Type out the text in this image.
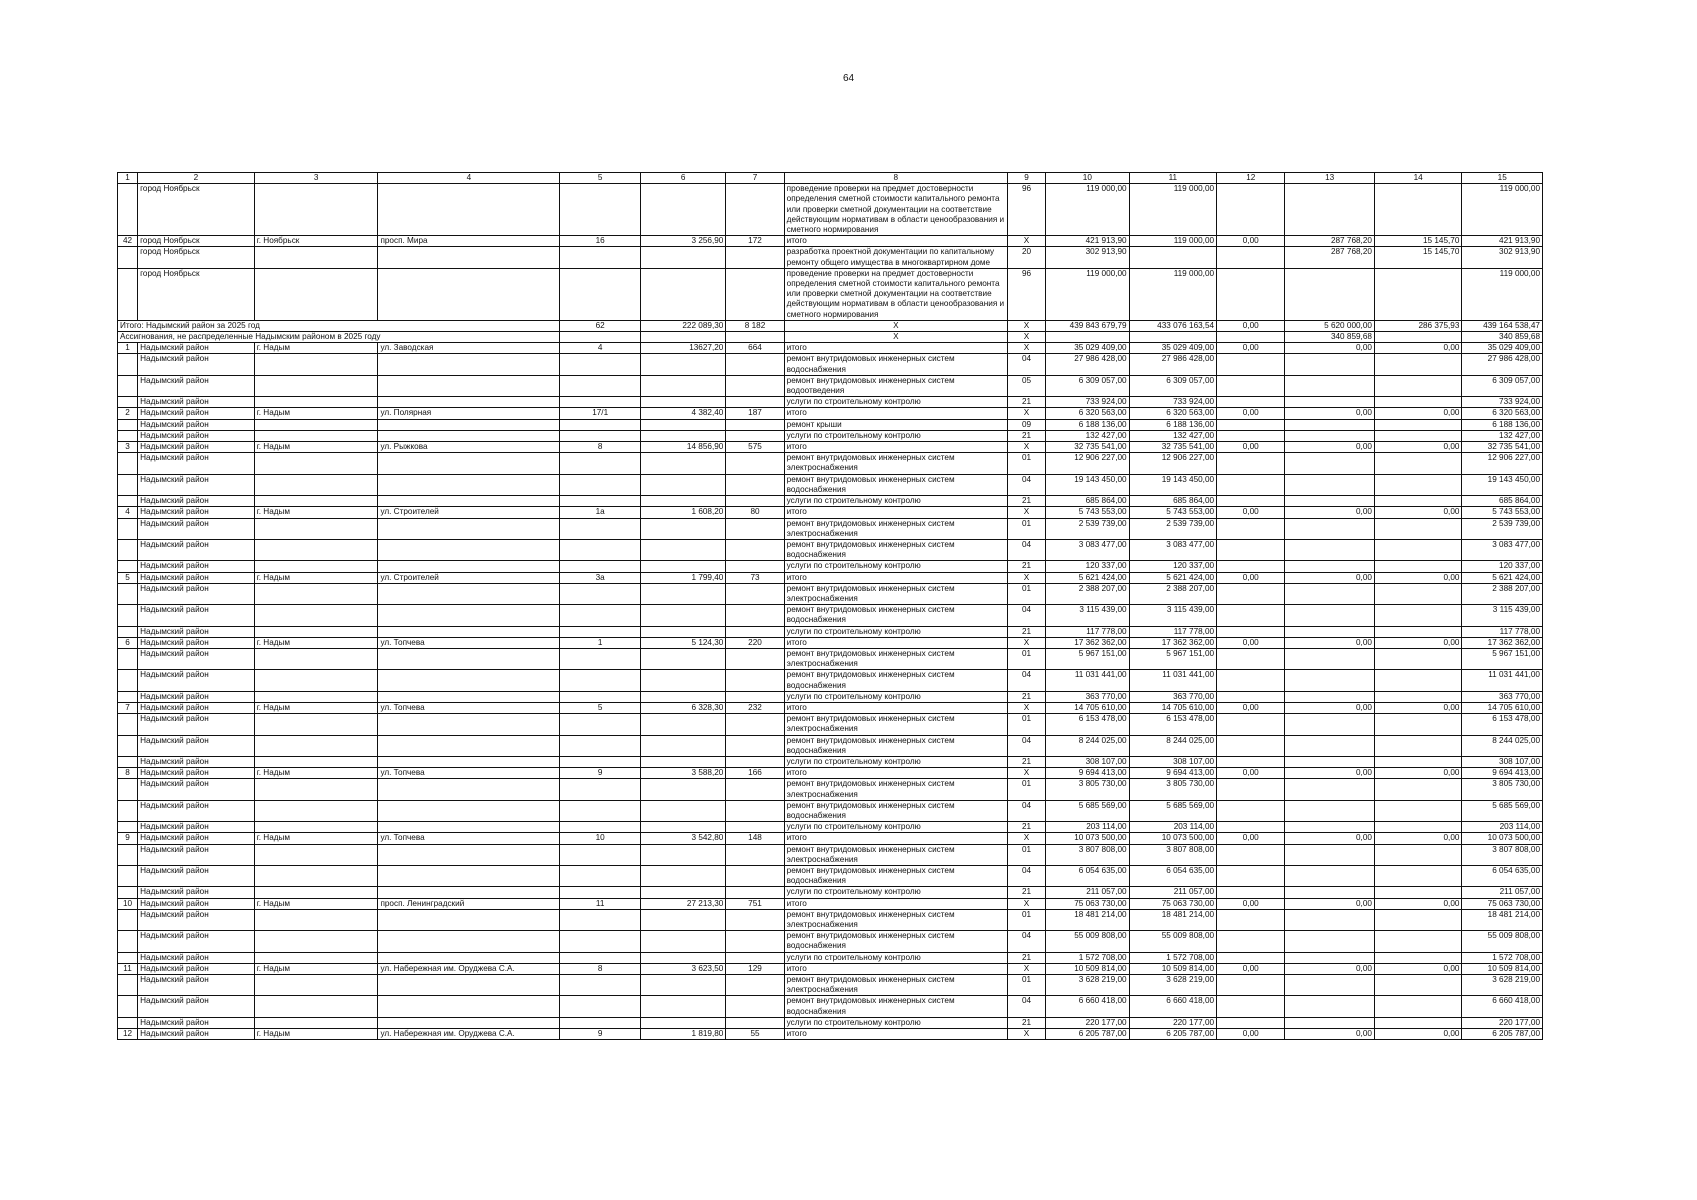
64
1	2	3	4	5	6	7	8	9	10	11	12	13	14	15
	город Ноябрьск						проведение проверки на предмет достоверности определения сметной стоимости капитального ремонта или проверки сметной документации на соответствие действующим нормативам в области ценообразования и сметного нормирования	96	119 000,00	119 000,00				119 000,00
42	город Ноябрьск	г. Ноябрьск	просп. Мира	16	3 256,90	172	итого	Х	421 913,90	119 000,00	0,00	287 768,20	15 145,70	421 913,90
	город Ноябрьск						разработка проектной документации по капитальному ремонту общего имущества в многоквартирном доме	20	302 913,90			287 768,20	15 145,70	302 913,90
	город Ноябрьск						проведение проверки на предмет достоверности определения сметной стоимости капитального ремонта или проверки сметной документации на соответствие действующим нормативам в области ценообразования и сметного нормирования	96	119 000,00	119 000,00				119 000,00
Итого: Надымский район за 2025 год				62	222 089,30	8 182	Х	Х	439 843 679,79	433 076 163,54	0,00	5 620 000,00	286 375,93	439 164 538,47
Ассигнования, не распределенные Надымским районом в 2025 году							Х	Х				340 859,68		340 859,68
1	Надымский район	г. Надым	ул. Заводская	4	13627,20	664	итого	Х	35 029 409,00	35 029 409,00	0,00	0,00	0,00	35 029 409,00
	Надымский район						ремонт внутридомовых инженерных систем водоснабжения	04	27 986 428,00	27 986 428,00				27 986 428,00
	Надымский район						ремонт внутридомовых инженерных систем водоотведения	05	6 309 057,00	6 309 057,00				6 309 057,00
	Надымский район						услуги по строительному контролю	21	733 924,00	733 924,00				733 924,00
2	Надымский район	г. Надым	ул. Полярная	17/1	4 382,40	187	итого	Х	6 320 563,00	6 320 563,00	0,00	0,00	0,00	6 320 563,00
	Надымский район						ремонт крыши	09	6 188 136,00	6 188 136,00				6 188 136,00
	Надымский район						услуги по строительному контролю	21	132 427,00	132 427,00				132 427,00
3	Надымский район	г. Надым	ул. Рыжкова	8	14 856,90	575	итого	Х	32 735 541,00	32 735 541,00	0,00	0,00	0,00	32 735 541,00
	Надымский район						ремонт внутридомовых инженерных систем электроснабжения	01	12 906 227,00	12 906 227,00				12 906 227,00
	Надымский район						ремонт внутридомовых инженерных систем водоснабжения	04	19 143 450,00	19 143 450,00				19 143 450,00
	Надымский район						услуги по строительному контролю	21	685 864,00	685 864,00				685 864,00
4	Надымский район	г. Надым	ул. Строителей	1а	1 608,20	80	итого	Х	5 743 553,00	5 743 553,00	0,00	0,00	0,00	5 743 553,00
	Надымский район						ремонт внутридомовых инженерных систем электроснабжения	01	2 539 739,00	2 539 739,00				2 539 739,00
	Надымский район						ремонт внутридомовых инженерных систем водоснабжения	04	3 083 477,00	3 083 477,00				3 083 477,00
	Надымский район						услуги по строительному контролю	21	120 337,00	120 337,00				120 337,00
5	Надымский район	г. Надым	ул. Строителей	3а	1 799,40	73	итого	Х	5 621 424,00	5 621 424,00	0,00	0,00	0,00	5 621 424,00
	Надымский район						ремонт внутридомовых инженерных систем электроснабжения	01	2 388 207,00	2 388 207,00				2 388 207,00
	Надымский район						ремонт внутридомовых инженерных систем водоснабжения	04	3 115 439,00	3 115 439,00				3 115 439,00
	Надымский район						услуги по строительному контролю	21	117 778,00	117 778,00				117 778,00
6	Надымский район	г. Надым	ул. Топчева	1	5 124,30	220	итого	Х	17 362 362,00	17 362 362,00	0,00	0,00	0,00	17 362 362,00
	Надымский район						ремонт внутридомовых инженерных систем электроснабжения	01	5 967 151,00	5 967 151,00				5 967 151,00
	Надымский район						ремонт внутридомовых инженерных систем водоснабжения	04	11 031 441,00	11 031 441,00				11 031 441,00
	Надымский район						услуги по строительному контролю	21	363 770,00	363 770,00				363 770,00
7	Надымский район	г. Надым	ул. Топчева	5	6 328,30	232	итого	Х	14 705 610,00	14 705 610,00	0,00	0,00	0,00	14 705 610,00
	Надымский район						ремонт внутридомовых инженерных систем электроснабжения	01	6 153 478,00	6 153 478,00				6 153 478,00
	Надымский район						ремонт внутридомовых инженерных систем водоснабжения	04	8 244 025,00	8 244 025,00				8 244 025,00
	Надымский район						услуги по строительному контролю	21	308 107,00	308 107,00				308 107,00
8	Надымский район	г. Надым	ул. Топчева	9	3 588,20	166	итого	Х	9 694 413,00	9 694 413,00	0,00	0,00	0,00	9 694 413,00
	Надымский район						ремонт внутридомовых инженерных систем электроснабжения	01	3 805 730,00	3 805 730,00				3 805 730,00
	Надымский район						ремонт внутридомовых инженерных систем водоснабжения	04	5 685 569,00	5 685 569,00				5 685 569,00
	Надымский район						услуги по строительному контролю	21	203 114,00	203 114,00				203 114,00
9	Надымский район	г. Надым	ул. Топчева	10	3 542,80	148	итого	Х	10 073 500,00	10 073 500,00	0,00	0,00	0,00	10 073 500,00
	Надымский район						ремонт внутридомовых инженерных систем электроснабжения	01	3 807 808,00	3 807 808,00				3 807 808,00
	Надымский район						ремонт внутридомовых инженерных систем водоснабжения	04	6 054 635,00	6 054 635,00				6 054 635,00
	Надымский район						услуги по строительному контролю	21	211 057,00	211 057,00				211 057,00
10	Надымский район	г. Надым	просп. Ленинградский	11	27 213,30	751	итого	Х	75 063 730,00	75 063 730,00	0,00	0,00	0,00	75 063 730,00
	Надымский район						ремонт внутридомовых инженерных систем электроснабжения	01	18 481 214,00	18 481 214,00				18 481 214,00
	Надымский район						ремонт внутридомовых инженерных систем водоснабжения	04	55 009 808,00	55 009 808,00				55 009 808,00
	Надымский район						услуги по строительному контролю	21	1 572 708,00	1 572 708,00				1 572 708,00
11	Надымский район	г. Надым	ул. Набережная им. Оруджева С.А.	8	3 623,50	129	итого	Х	10 509 814,00	10 509 814,00	0,00	0,00	0,00	10 509 814,00
	Надымский район						ремонт внутридомовых инженерных систем электроснабжения	01	3 628 219,00	3 628 219,00				3 628 219,00
	Надымский район						ремонт внутридомовых инженерных систем водоснабжения	04	6 660 418,00	6 660 418,00				6 660 418,00
	Надымский район						услуги по строительному контролю	21	220 177,00	220 177,00				220 177,00
12	Надымский район	г. Надым	ул. Набережная им. Оруджева С.А.	9	1 819,80	55	итого	Х	6 205 787,00	6 205 787,00	0,00	0,00	0,00	6 205 787,00
